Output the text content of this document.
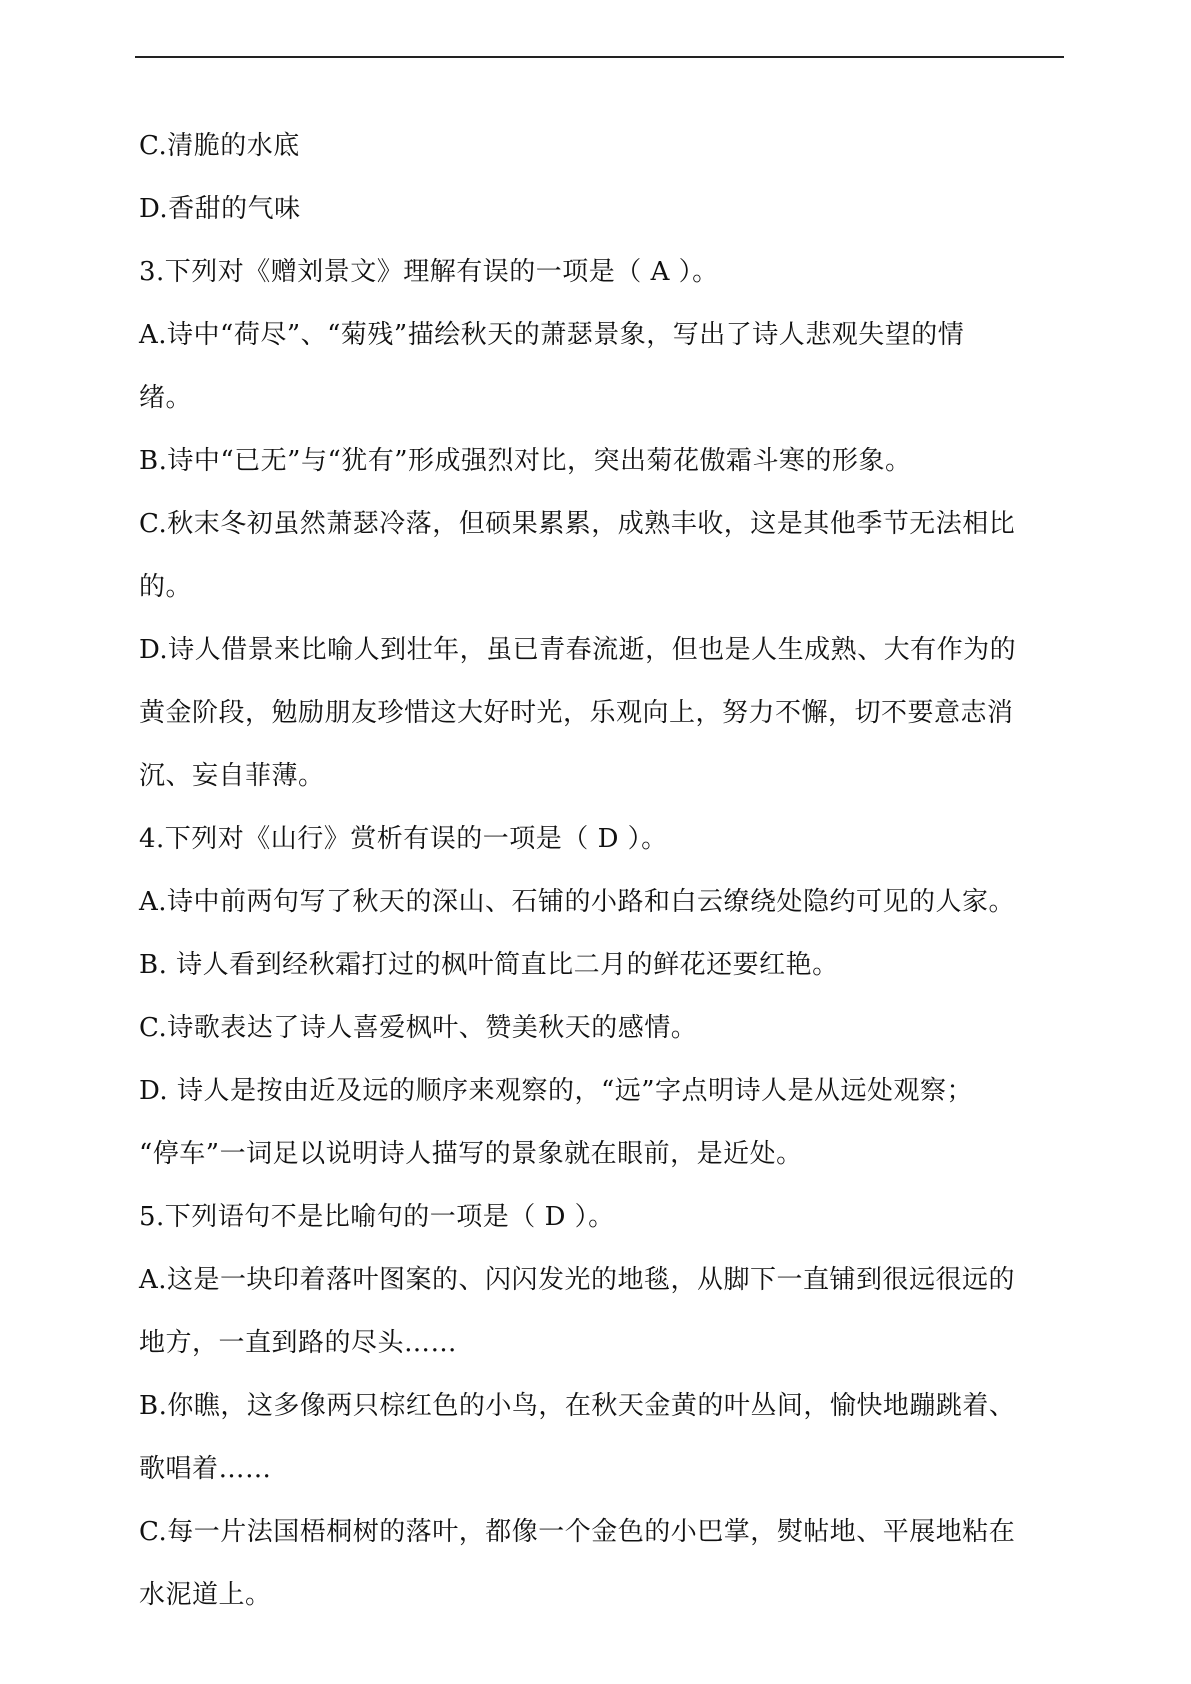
C.清脆的水底

D.香甜的气味

3.下列对《赠刘景文》理解有误的一项是（ A ）。

A.诗中“荷尽”、“菊残”描绘秋天的萧瑟景象，写出了诗人悲观失望的情

绪。

B.诗中“已无”与“犹有”形成强烈对比，突出菊花傲霜斗寒的形象。

C.秋末冬初虽然萧瑟冷落，但硕果累累，成熟丰收，这是其他季节无法相比

的。

D.诗人借景来比喻人到壮年，虽已青春流逝，但也是人生成熟、大有作为的

黄金阶段，勉励朋友珍惜这大好时光，乐观向上，努力不懈，切不要意志消

沉、妄自菲薄。

4.下列对《山行》赏析有误的一项是（ D ）。

A.诗中前两句写了秋天的深山、石铺的小路和白云缭绕处隐约可见的人家。

B. 诗人看到经秋霜打过的枫叶简直比二月的鲜花还要红艳。

C.诗歌表达了诗人喜爱枫叶、赞美秋天的感情。

D. 诗人是按由近及远的顺序来观察的，“远”字点明诗人是从远处观察；

“停车”一词足以说明诗人描写的景象就在眼前，是近处。

5.下列语句不是比喻句的一项是（ D ）。

A.这是一块印着落叶图案的、闪闪发光的地毯，从脚下一直铺到很远很远的

地方，一直到路的尽头……

B.你瞧，这多像两只棕红色的小鸟，在秋天金黄的叶丛间，愉快地蹦跳着、

歌唱着……

C.每一片法国梧桐树的落叶，都像一个金色的小巴掌，熨帖地、平展地粘在

水泥道上。
